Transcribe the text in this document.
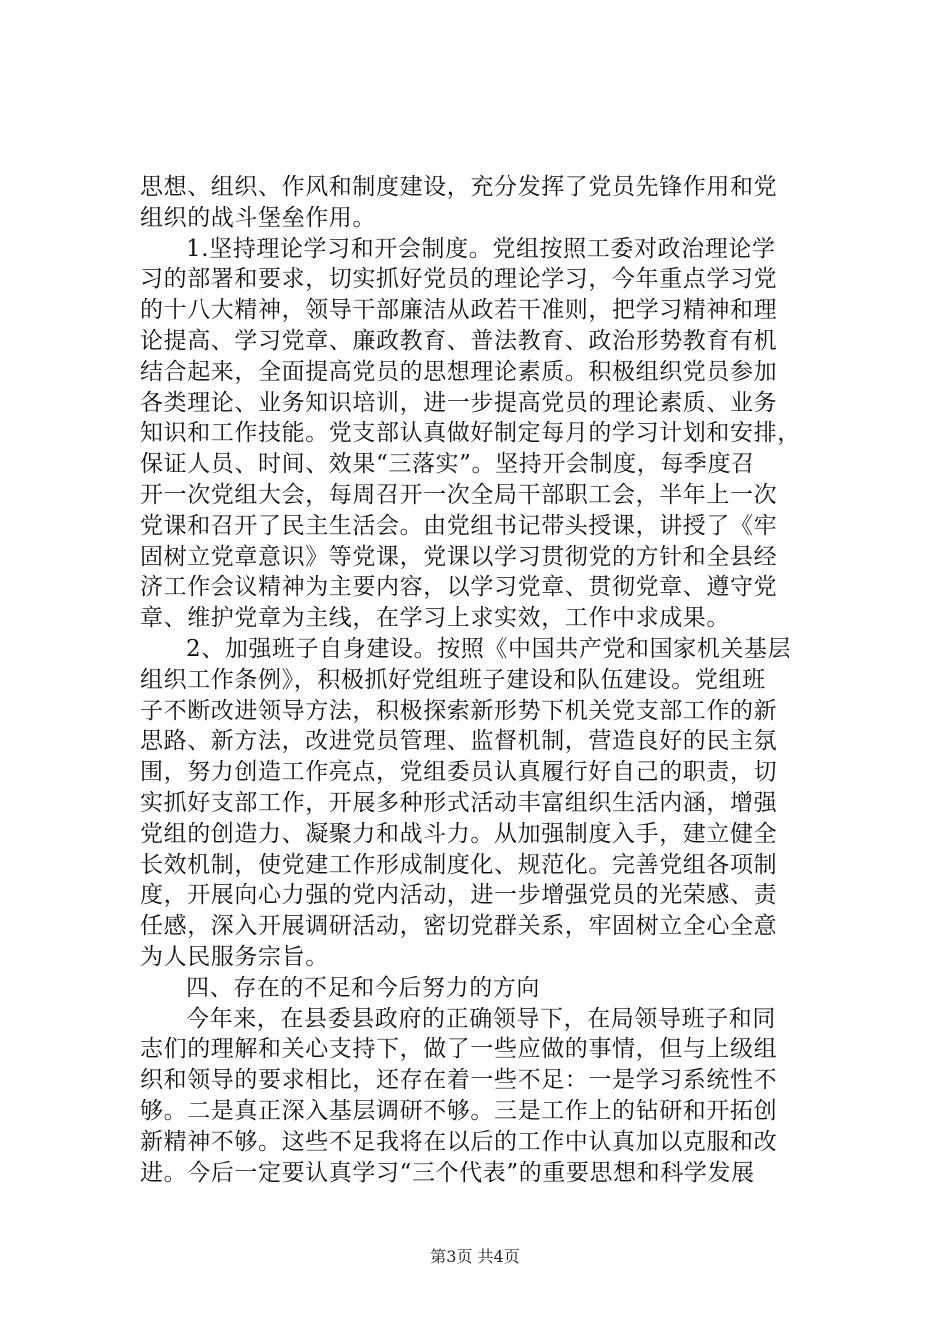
思想、组织、作风和制度建设，充分发挥了党员先锋作用和党
组织的战斗堡垒作用。
1.坚持理论学习和开会制度。党组按照工委对政治理论学
习的部署和要求，切实抓好党员的理论学习，今年重点学习党
的十八大精神，领导干部廉洁从政若干准则，把学习精神和理
论提高、学习党章、廉政教育、普法教育、政治形势教育有机
结合起来，全面提高党员的思想理论素质。积极组织党员参加
各类理论、业务知识培训，进一步提高党员的理论素质、业务
知识和工作技能。党支部认真做好制定每月的学习计划和安排，
保证人员、时间、效果“三落实”。坚持开会制度，每季度召
开一次党组大会，每周召开一次全局干部职工会，半年上一次
党课和召开了民主生活会。由党组书记带头授课，讲授了《牢
固树立党章意识》等党课，党课以学习贯彻党的方针和全县经
济工作会议精神为主要内容，以学习党章、贯彻党章、遵守党
章、维护党章为主线，在学习上求实效，工作中求成果。
2、加强班子自身建设。按照《中国共产党和国家机关基层
组织工作条例》，积极抓好党组班子建设和队伍建设。党组班
子不断改进领导方法，积极探索新形势下机关党支部工作的新
思路、新方法，改进党员管理、监督机制，营造良好的民主氛
围，努力创造工作亮点，党组委员认真履行好自己的职责，切
实抓好支部工作，开展多种形式活动丰富组织生活内涵，增强
党组的创造力、凝聚力和战斗力。从加强制度入手，建立健全
长效机制，使党建工作形成制度化、规范化。完善党组各项制
度，开展向心力强的党内活动，进一步增强党员的光荣感、责
任感，深入开展调研活动，密切党群关系，牢固树立全心全意
为人民服务宗旨。
四、存在的不足和今后努力的方向
今年来，在县委县政府的正确领导下，在局领导班子和同
志们的理解和关心支持下，做了一些应做的事情，但与上级组
织和领导的要求相比，还存在着一些不足：一是学习系统性不
够。二是真正深入基层调研不够。三是工作上的钻研和开拓创
新精神不够。这些不足我将在以后的工作中认真加以克服和改
进。今后一定要认真学习“三个代表”的重要思想和科学发展
第3页 共4页
